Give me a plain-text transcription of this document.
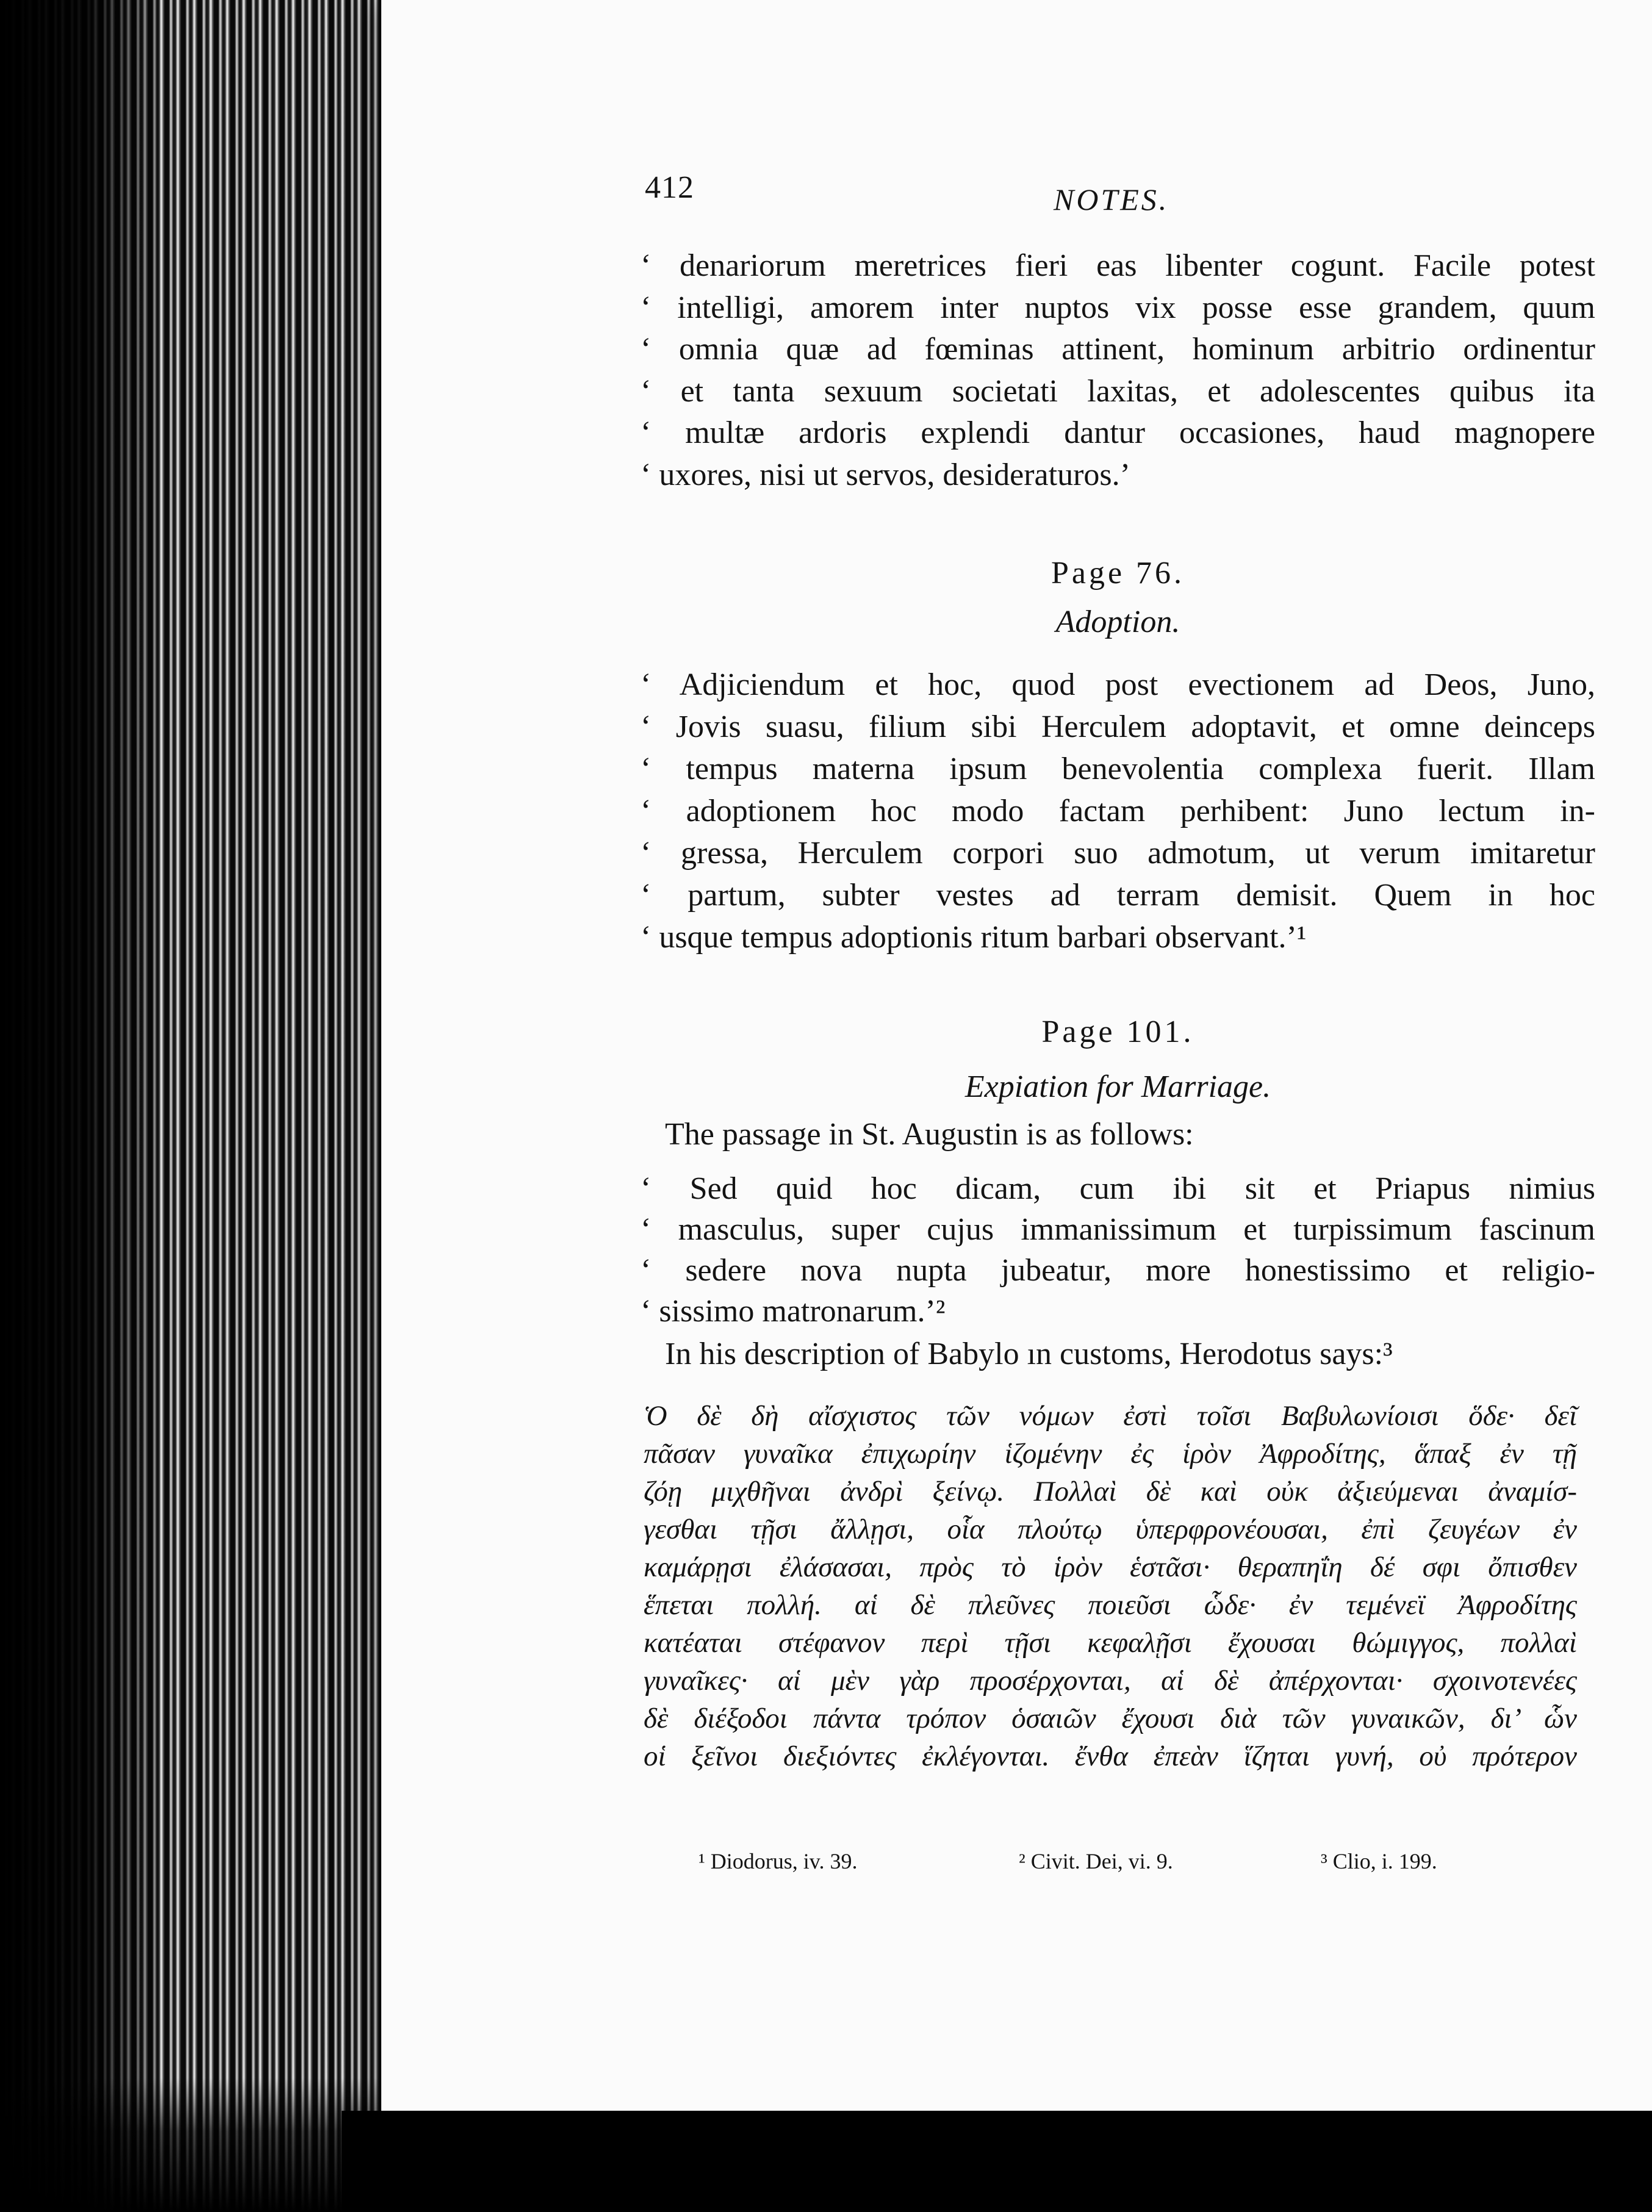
412	NOTES.
‘ denariorum meretrices fieri eas libenter cogunt. Facile potest
‘ intelligi, amorem inter nuptos vix posse esse grandem, quum
‘ omnia quæ ad fœminas attinent, hominum arbitrio ordinentur
‘ et tanta sexuum societati laxitas, et adolescentes quibus ita
‘ multæ ardoris explendi dantur occasiones, haud magnopere
‘ uxores, nisi ut servos, desideraturos.’
Page 76.
Adoption.
‘ Adjiciendum et hoc, quod post evectionem ad Deos, Juno,
‘ Jovis suasu, filium sibi Herculem adoptavit, et omne deinceps
‘ tempus materna ipsum benevolentia complexa fuerit. Illam
‘ adoptionem hoc modo factam perhibent: Juno lectum in-
‘ gressa, Herculem corpori suo admotum, ut verum imitaretur
‘ partum, subter vestes ad terram demisit. Quem in hoc
‘ usque tempus adoptionis ritum barbari observant.’¹
Page 101.
Expiation for Marriage.
The passage in St. Augustin is as follows:
‘ Sed quid hoc dicam, cum ibi sit et Priapus nimius
‘ masculus, super cujus immanissimum et turpissimum fascinum
‘ sedere nova nupta jubeatur, more honestissimo et religio-
‘ sissimo matronarum.’²
In his description of Babylo ın customs, Herodotus says:³
Ὁ δὲ δὴ αἴσχιστος τῶν νόμων ἐστὶ τοῖσι Βαβυλωνίοισι ὅδε· δεῖ
πᾶσαν γυναῖκα ἐπιχωρίην ἱζομένην ἐς ἱρὸν Ἀφροδίτης, ἅπαξ ἐν τῇ
ζόῃ μιχθῆναι ἀνδρὶ ξείνῳ. Πολλαὶ δὲ καὶ οὐκ ἀξιεύμεναι ἀναμίσ-
γεσθαι τῇσι ἄλλῃσι, οἷα πλούτῳ ὑπερφρονέουσαι, ἐπὶ ζευγέων ἐν
καμάρῃσι ἐλάσασαι, πρὸς τὸ ἱρὸν ἑστᾶσι· θεραπηΐη δέ σφι ὄπισθεν
ἕπεται πολλή. αἱ δὲ πλεῦνες ποιεῦσι ὧδε· ἐν τεμένεϊ Ἀφροδίτης
κατέαται στέφανον περὶ τῇσι κεφαλῇσι ἔχουσαι θώμιγγος, πολλαὶ
γυναῖκες· αἱ μὲν γὰρ προσέρχονται, αἱ δὲ ἀπέρχονται· σχοινοτενέες
δὲ διέξοδοι πάντα τρόπον ὁσαιῶν ἔχουσι διὰ τῶν γυναικῶν, δι’ ὧν
οἱ ξεῖνοι διεξιόντες ἐκλέγονται. ἔνθα ἐπεὰν ἵζηται γυνή, οὐ πρότερον
¹ Diodorus, iv. 39.	² Civit. Dei, vi. 9.	³ Clio, i. 199.
